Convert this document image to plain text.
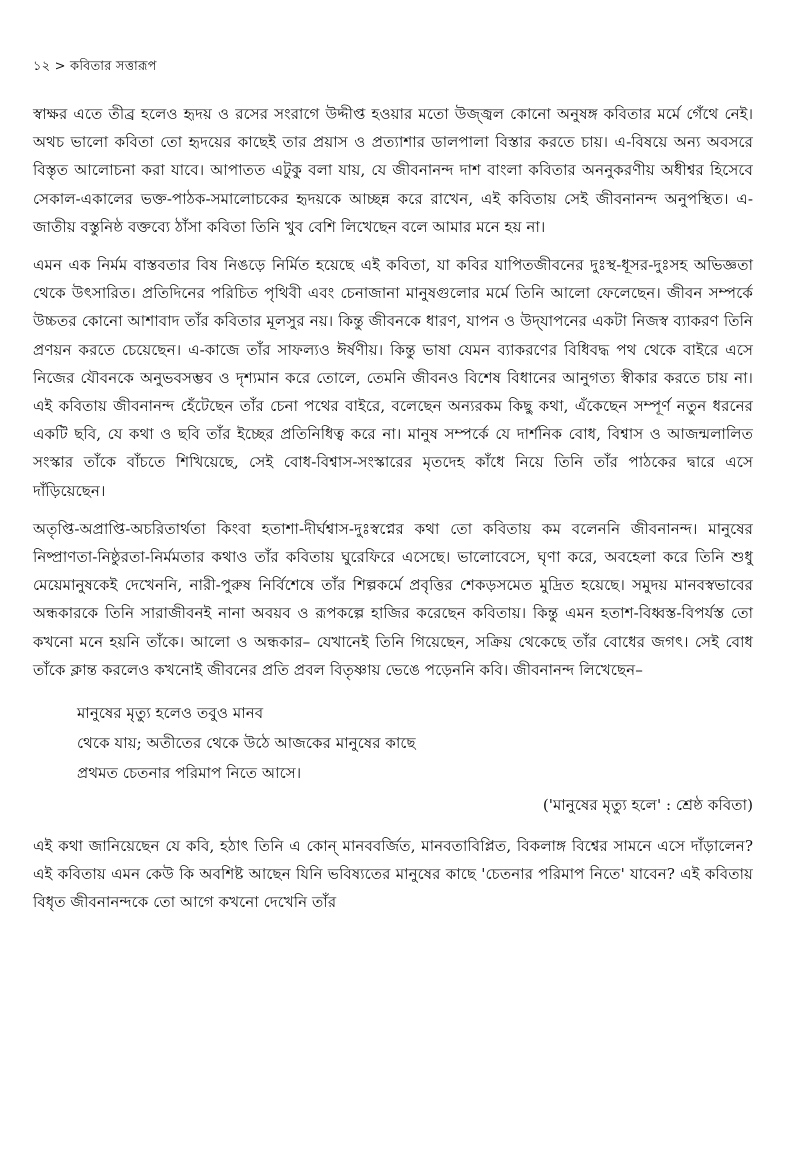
১২ > কবিতার সত্তারূপ

স্বাক্ষর এতে তীব্র হলেও হৃদয় ও রসের সংরাগে উদ্দীপ্ত হওয়ার মতো উজ্জ্বল কোনো অনুষঙ্গ কবিতার মর্মে গেঁথে নেই। অথচ ভালো কবিতা তো হৃদয়ের কাছেই তার প্রয়াস ও প্রত্যাশার ডালপালা বিস্তার করতে চায়। এ-বিষয়ে অন্য অবসরে বিস্তৃত আলোচনা করা যাবে। আপাতত এটুকু বলা যায়, যে জীবনানন্দ দাশ বাংলা কবিতার অননুকরণীয় অধীশ্বর হিসেবে সেকাল-একালের ভক্ত-পাঠক-সমালোচকের হৃদয়কে আচ্ছন্ন করে রাখেন, এই কবিতায় সেই জীবনানন্দ অনুপস্থিত। এ-জাতীয় বস্তুনিষ্ঠ বক্তব্যে ঠাঁসা কবিতা তিনি খুব বেশি লিখেছেন বলে আমার মনে হয় না।

এমন এক নির্মম বাস্তবতার বিষ নিঙড়ে নির্মিত হয়েছে এই কবিতা, যা কবির যাপিতজীবনের দুঃস্থ-ধূসর-দুঃসহ অভিজ্ঞতা থেকে উৎসারিত। প্রতিদিনের পরিচিত পৃথিবী এবং চেনাজানা মানুষগুলোর মর্মে তিনি আলো ফেলেছেন। জীবন সম্পর্কে উচ্চতর কোনো আশাবাদ তাঁর কবিতার মূলসুর নয়। কিন্তু জীবনকে ধারণ, যাপন ও উদ্‌যাপনের একটা নিজস্ব ব্যাকরণ তিনি প্রণয়ন করতে চেয়েছেন। এ-কাজে তাঁর সাফল্যও ঈর্ষণীয়। কিন্তু ভাষা যেমন ব্যাকরণের বিধিবদ্ধ পথ থেকে বাইরে এসে নিজের যৌবনকে অনুভবসম্ভব ও দৃশ্যমান করে তোলে, তেমনি জীবনও বিশেষ বিধানের আনুগত্য স্বীকার করতে চায় না। এই কবিতায় জীবনানন্দ হেঁটেছেন তাঁর চেনা পথের বাইরে, বলেছেন অন্যরকম কিছু কথা, এঁকেছেন সম্পূর্ণ নতুন ধরনের একটি ছবি, যে কথা ও ছবি তাঁর ইচ্ছের প্রতিনিধিত্ব করে না। মানুষ সম্পর্কে যে দার্শনিক বোধ, বিশ্বাস ও আজন্মলালিত সংস্কার তাঁকে বাঁচতে শিখিয়েছে, সেই বোধ-বিশ্বাস-সংস্কারের মৃতদেহ কাঁধে নিয়ে তিনি তাঁর পাঠকের দ্বারে এসে দাঁড়িয়েছেন।

অতৃপ্তি-অপ্রাপ্তি-অচরিতার্থতা কিংবা হতাশা-দীর্ঘশ্বাস-দুঃস্বপ্নের কথা তো কবিতায় কম বলেননি জীবনানন্দ। মানুষের নিষ্প্রাণতা-নিষ্ঠুরতা-নির্মমতার কথাও তাঁর কবিতায় ঘুরেফিরে এসেছে। ভালোবেসে, ঘৃণা করে, অবহেলা করে তিনি শুধু মেয়েমানুষকেই দেখেননি, নারী-পুরুষ নির্বিশেষে তাঁর শিল্পকর্মে প্রবৃত্তির শেকড়সমেত মুদ্রিত হয়েছে। সমুদয় মানবস্বভাবের অন্ধকারকে তিনি সারাজীবনই নানা অবয়ব ও রূপকল্পে হাজির করেছেন কবিতায়। কিন্তু এমন হতাশ-বিধ্বস্ত-বিপর্যস্ত তো কখনো মনে হয়নি তাঁকে। আলো ও অন্ধকার– যেখানেই তিনি গিয়েছেন, সক্রিয় থেকেছে তাঁর বোধের জগৎ। সেই বোধ তাঁকে ক্লান্ত করলেও কখনোই জীবনের প্রতি প্রবল বিতৃষ্ণায় ভেঙে পড়েননি কবি। জীবনানন্দ লিখেছেন–

মানুষের মৃত্যু হলেও তবুও মানব
থেকে যায়; অতীতের থেকে উঠে আজকের মানুষের কাছে
প্রথমত চেতনার পরিমাপ নিতে আসে।
('মানুষের মৃত্যু হলে' : শ্রেষ্ঠ কবিতা)

এই কথা জানিয়েছেন যে কবি, হঠাৎ তিনি এ কোন্ মানববর্জিত, মানবতাবিপ্লিত, বিকলাঙ্গ বিশ্বের সামনে এসে দাঁড়ালেন? এই কবিতায় এমন কেউ কি অবশিষ্ট আছেন যিনি ভবিষ্যতের মানুষের কাছে 'চেতনার পরিমাপ নিতে' যাবেন? এই কবিতায় বিধৃত জীবনানন্দকে তো আগে কখনো দেখেনি তাঁর
